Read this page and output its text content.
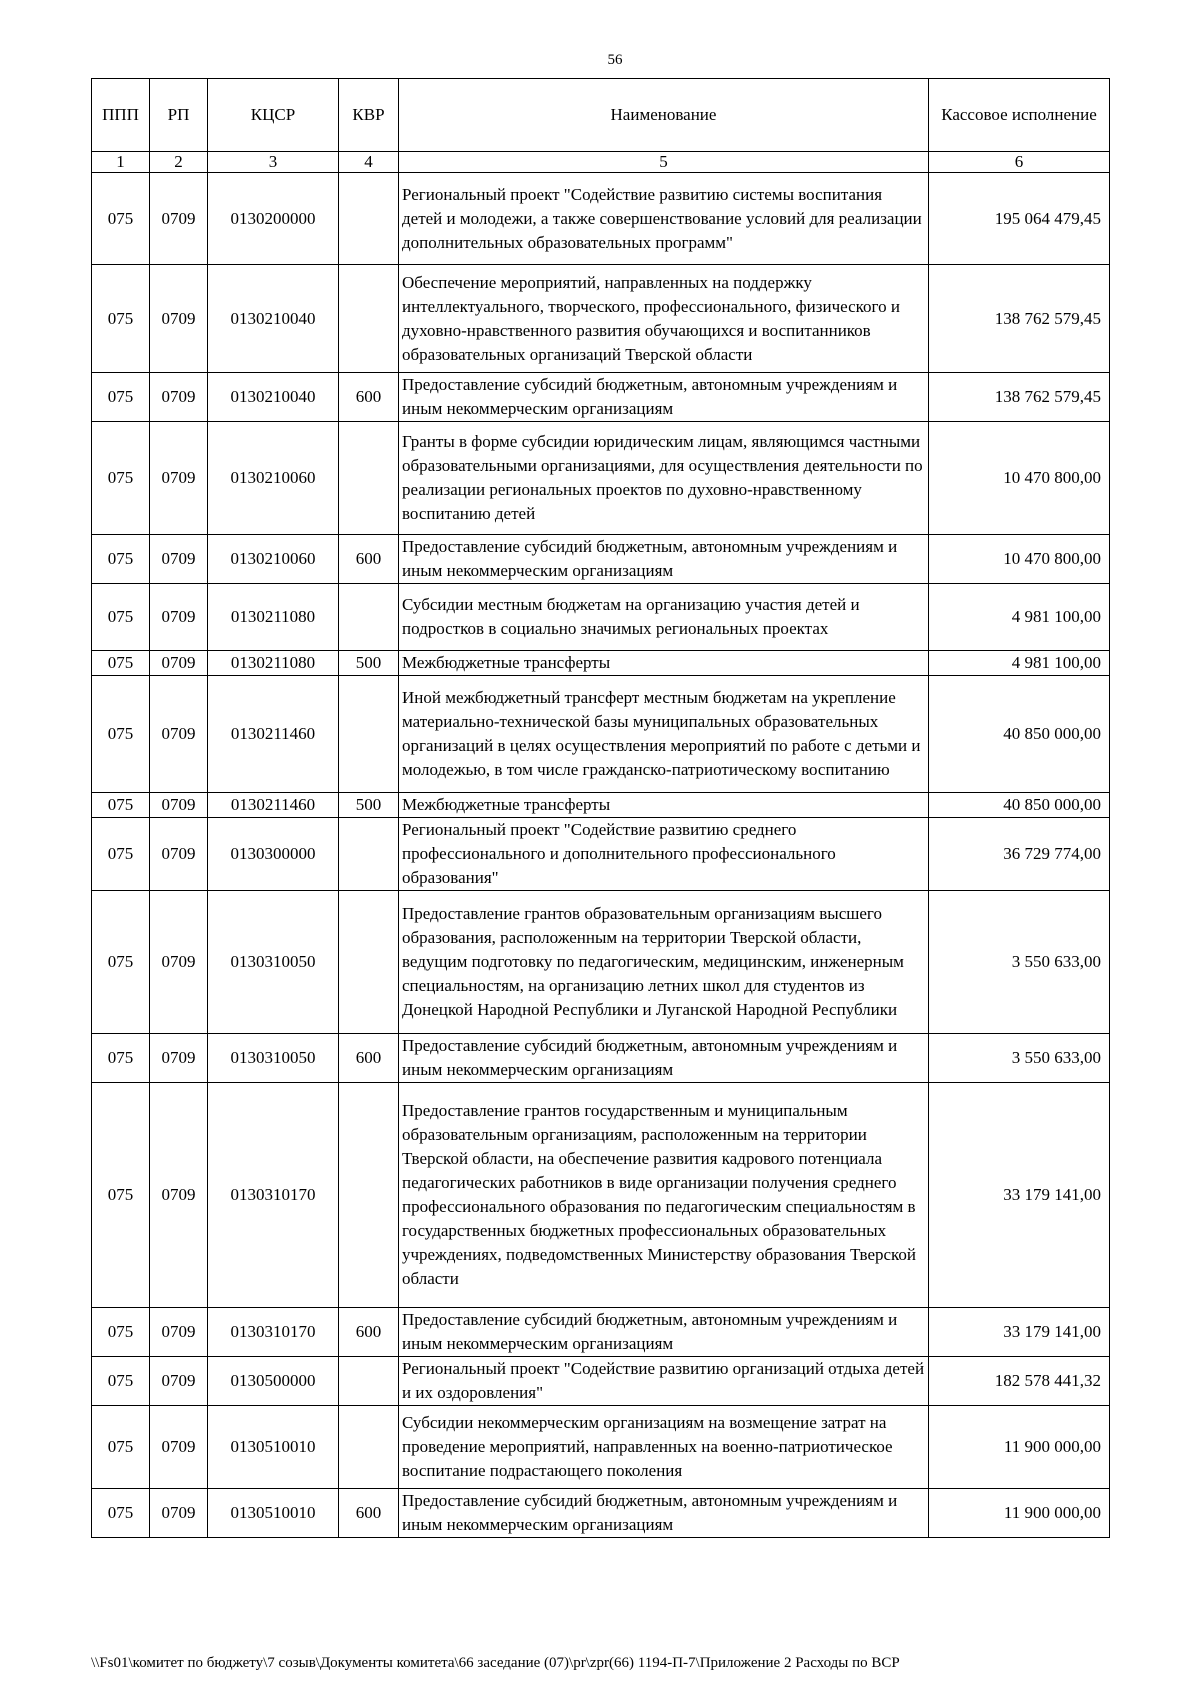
56
ППП	РП	КЦСР	КВР	Наименование	Кассовое исполнение
1	2	3	4	5	6
075	0709	0130200000		Региональный проект "Содействие развитию системы воспитания детей и молодежи, а также совершенствование условий для реализации дополнительных образовательных программ"	195 064 479,45
075	0709	0130210040		Обеспечение мероприятий, направленных на поддержку интеллектуального, творческого, профессионального, физического и духовно-нравственного развития обучающихся и воспитанников образовательных организаций Тверской области	138 762 579,45
075	0709	0130210040	600	Предоставление субсидий бюджетным, автономным учреждениям и иным некоммерческим организациям	138 762 579,45
075	0709	0130210060		Гранты в форме субсидии юридическим лицам, являющимся частными образовательными организациями, для осуществления деятельности по реализации региональных проектов по духовно-нравственному воспитанию детей	10 470 800,00
075	0709	0130210060	600	Предоставление субсидий бюджетным, автономным учреждениям и иным некоммерческим организациям	10 470 800,00
075	0709	0130211080		Субсидии местным бюджетам на организацию участия детей и подростков в социально значимых региональных проектах	4 981 100,00
075	0709	0130211080	500	Межбюджетные трансферты	4 981 100,00
075	0709	0130211460		Иной межбюджетный трансферт местным бюджетам на укрепление материально-технической базы муниципальных образовательных организаций в целях осуществления мероприятий по работе с детьми и молодежью, в том числе гражданско-патриотическому воспитанию	40 850 000,00
075	0709	0130211460	500	Межбюджетные трансферты	40 850 000,00
075	0709	0130300000		Региональный проект "Содействие развитию среднего профессионального и дополнительного профессионального образования"	36 729 774,00
075	0709	0130310050		Предоставление грантов образовательным организациям высшего образования, расположенным на территории Тверской области, ведущим подготовку по педагогическим, медицинским, инженерным специальностям, на организацию летних школ для студентов из Донецкой Народной Республики и Луганской Народной Республики	3 550 633,00
075	0709	0130310050	600	Предоставление субсидий бюджетным, автономным учреждениям и иным некоммерческим организациям	3 550 633,00
075	0709	0130310170		Предоставление грантов государственным и муниципальным образовательным организациям, расположенным на территории Тверской области, на обеспечение развития кадрового потенциала педагогических работников в виде организации получения среднего профессионального образования по педагогическим специальностям в государственных бюджетных профессиональных образовательных учреждениях, подведомственных Министерству образования Тверской области	33 179 141,00
075	0709	0130310170	600	Предоставление субсидий бюджетным, автономным учреждениям и иным некоммерческим организациям	33 179 141,00
075	0709	0130500000		Региональный проект "Содействие развитию организаций отдыха детей и их оздоровления"	182 578 441,32
075	0709	0130510010		Субсидии некоммерческим организациям на возмещение затрат на проведение мероприятий, направленных на военно-патриотическое воспитание подрастающего поколения	11 900 000,00
075	0709	0130510010	600	Предоставление субсидий бюджетным, автономным учреждениям и иным некоммерческим организациям	11 900 000,00
\\Fs01\комитет по бюджету\7 созыв\Документы комитета\66 заседание (07)\pr\zpr(66) 1194-П-7\Приложение 2 Расходы по ВСР
